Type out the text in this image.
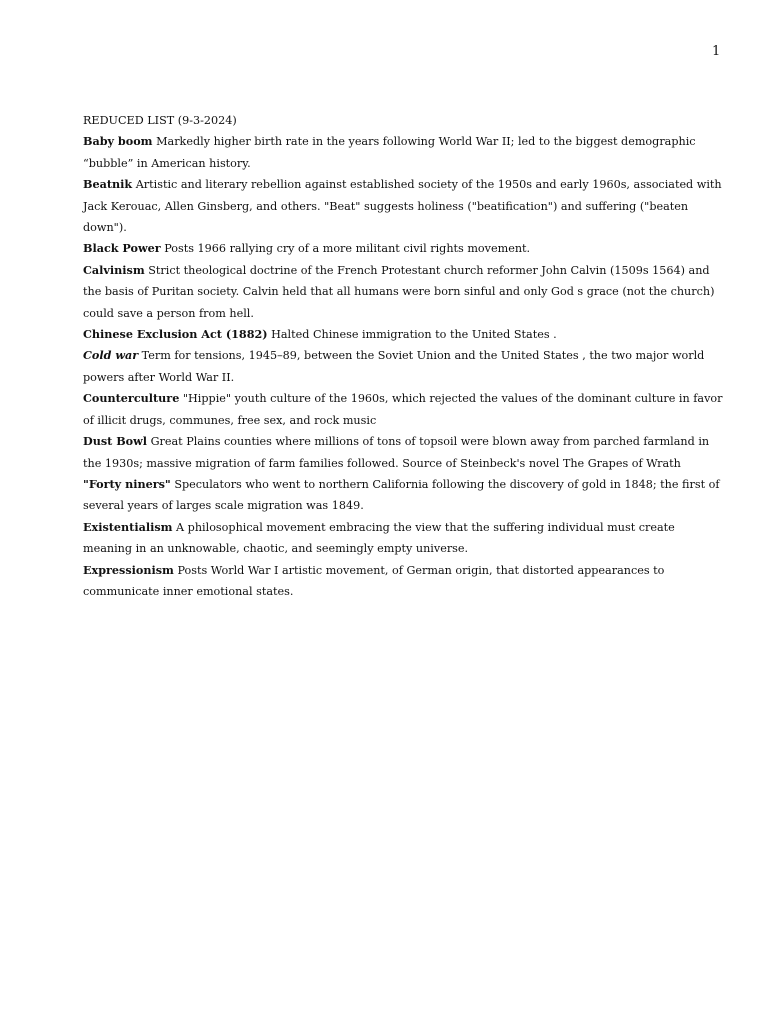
1

REDUCED LIST (9-3-2024)

Baby boom Markedly higher birth rate in the years following World War II; led to the biggest demographic “bubble” in American history.

Beatnik Artistic and literary rebellion against established society of the 1950s and early 1960s, associated with Jack Kerouac, Allen Ginsberg, and others. "Beat" suggests holiness ("beatification") and suffering ("beaten down").

Black Power Posts 1966 rallying cry of a more militant civil rights movement.

Calvinism Strict theological doctrine of the French Protestant church reformer John Calvin (1509s 1564) and the basis of Puritan society. Calvin held that all humans were born sinful and only God s grace (not the church) could save a person from hell.

Chinese Exclusion Act (1882) Halted Chinese immigration to the United States .

Cold war Term for tensions, 1945–89, between the Soviet Union and the United States , the two major world powers after World War II.

Counterculture "Hippie" youth culture of the 1960s, which rejected the values of the dominant culture in favor of illicit drugs, communes, free sex, and rock music

Dust Bowl Great Plains counties where millions of tons of topsoil were blown away from parched farmland in the 1930s; massive migration of farm families followed. Source of Steinbeck's novel The Grapes of Wrath

"Forty niners" Speculators who went to northern California following the discovery of gold in 1848; the first of several years of larges scale migration was 1849.

Existentialism A philosophical movement embracing the view that the suffering individual must create meaning in an unknowable, chaotic, and seemingly empty universe.

Expressionism Posts World War I artistic movement, of German origin, that distorted appearances to communicate inner emotional states.
